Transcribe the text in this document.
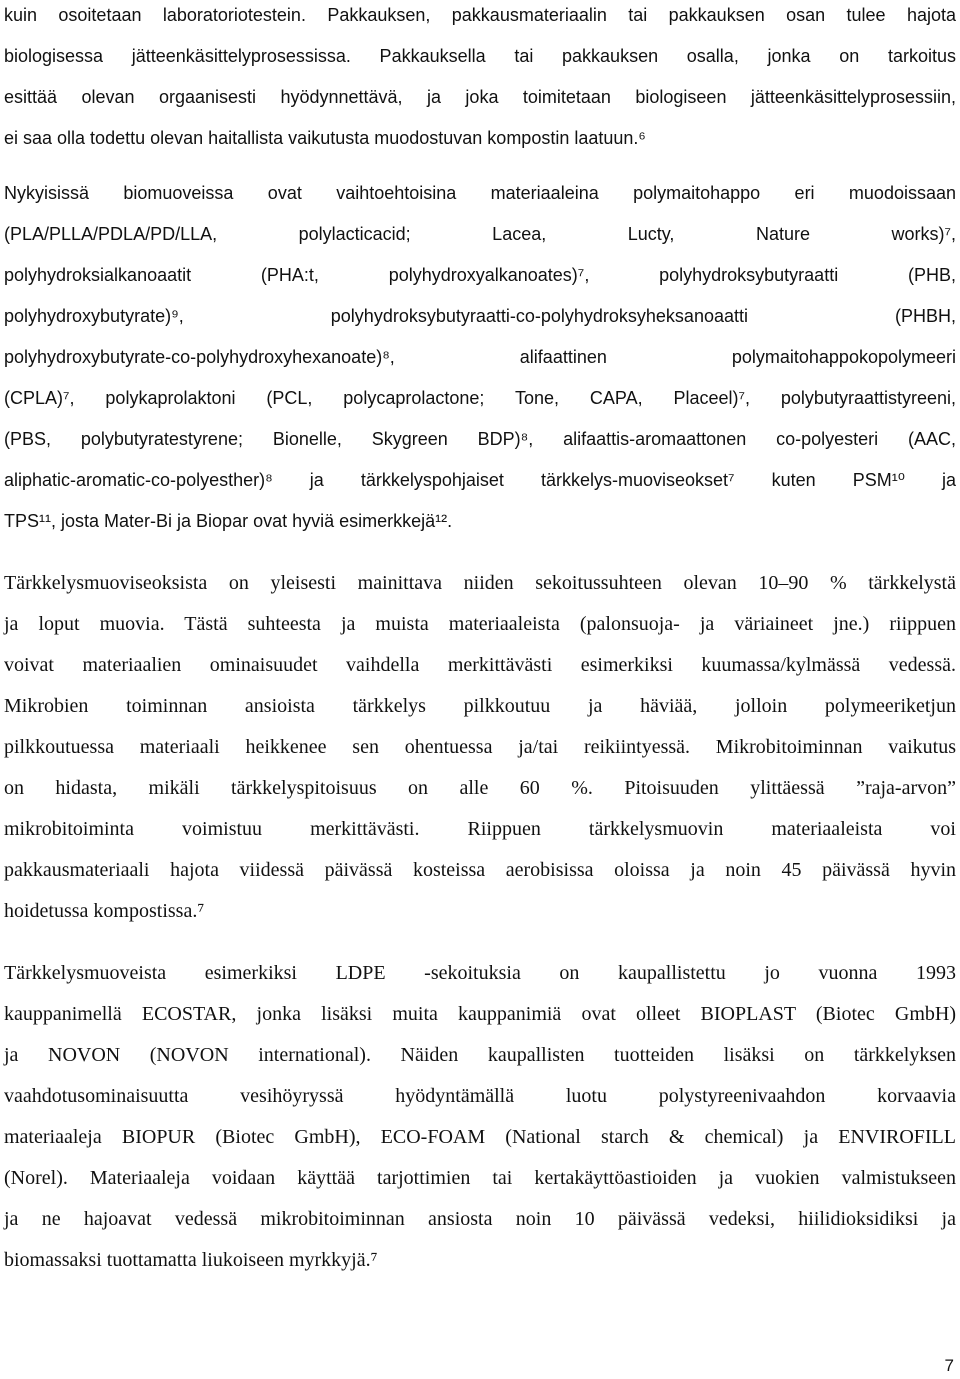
kuin osoitetaan laboratoriotestein. Pakkauksen, pakkausmateriaalin tai pakkauksen osan tulee hajota
biologisessa jätteenkäsittelyprosessissa. Pakkauksella tai pakkauksen osalla, jonka on tarkoitus
esittää olevan orgaanisesti hyödynnettävä, ja joka toimitetaan biologiseen jätteenkäsittelyprosessiin,
ei saa olla todettu olevan haitallista vaikutusta muodostuvan kompostin laatuun.⁶
Nykyisissä biomuoveissa ovat vaihtoehtoisina materiaaleina polymaitohappo eri muodoissaan
(PLA/PLLA/PDLA/PD/LLA, polylacticacid; Lacea, Lucty, Nature works)⁷,
polyhydroksialkanoaatit (PHA:t, polyhydroxyalkanoates)⁷, polyhydroksybutyraatti (PHB,
polyhydroxybutyrate)⁹, polyhydroksybutyraatti-co-polyhydroksyheksanoaatti (PHBH,
polyhydroxybutyrate-co-polyhydroxyhexanoate)⁸, alifaattinen polymaitohappokopolymeeri
(CPLA)⁷, polykaprolaktoni (PCL, polycaprolactone; Tone, CAPA, Placeel)⁷, polybutyraattistyreeni,
(PBS, polybutyratestyrene; Bionelle, Skygreen BDP)⁸, alifaattis-aromaattonen co-polyesteri (AAC,
aliphatic-aromatic-co-polyesther)⁸ ja tärkkelyspohjaiset tärkkelys-muoviseokset⁷ kuten PSM¹⁰ ja
TPS¹¹, josta Mater-Bi ja Biopar ovat hyviä esimerkkejä¹².
Tärkkelysmuoviseoksista on yleisesti mainittava niiden sekoitussuhteen olevan 10–90 % tärkkelystä
ja loput muovia. Tästä suhteesta ja muista materiaaleista (palonsuoja- ja väriaineet jne.) riippuen
voivat materiaalien ominaisuudet vaihdella merkittävästi esimerkiksi kuumassa/kylmässä vedessä.
Mikrobien toiminnan ansioista tärkkelys pilkkoutuu ja häviää, jolloin polymeeriketjun
pilkkoutuessa materiaali heikkenee sen ohentuessa ja/tai reikiintyessä. Mikrobitoiminnan vaikutus
on hidasta, mikäli tärkkelyspitoisuus on alle 60 %. Pitoisuuden ylittäessä ”raja-arvon”
mikrobitoiminta voimistuu merkittävästi. Riippuen tärkkelysmuovin materiaaleista voi
pakkausmateriaali hajota viidessä päivässä kosteissa aerobisissa oloissa ja noin 45 päivässä hyvin
hoidetussa kompostissa.⁷
Tärkkelysmuoveista esimerkiksi LDPE -sekoituksia on kaupallistettu jo vuonna 1993
kauppanimellä ECOSTAR, jonka lisäksi muita kauppanimiä ovat olleet BIOPLAST (Biotec GmbH)
ja NOVON (NOVON international). Näiden kaupallisten tuotteiden lisäksi on tärkkelyksen
vaahdotusominaisuutta vesihöyryssä hyödyntämällä luotu polystyreenivaahdon korvaavia
materiaaleja BIOPUR (Biotec GmbH), ECO-FOAM (National starch & chemical) ja ENVIROFILL
(Norel). Materiaaleja voidaan käyttää tarjottimien tai kertakäyttöastioiden ja vuokien valmistukseen
ja ne hajoavat vedessä mikrobitoiminnan ansiosta noin 10 päivässä vedeksi, hiilidioksidiksi ja
biomassaksi tuottamatta liukoiseen myrkkyjä.⁷
7
